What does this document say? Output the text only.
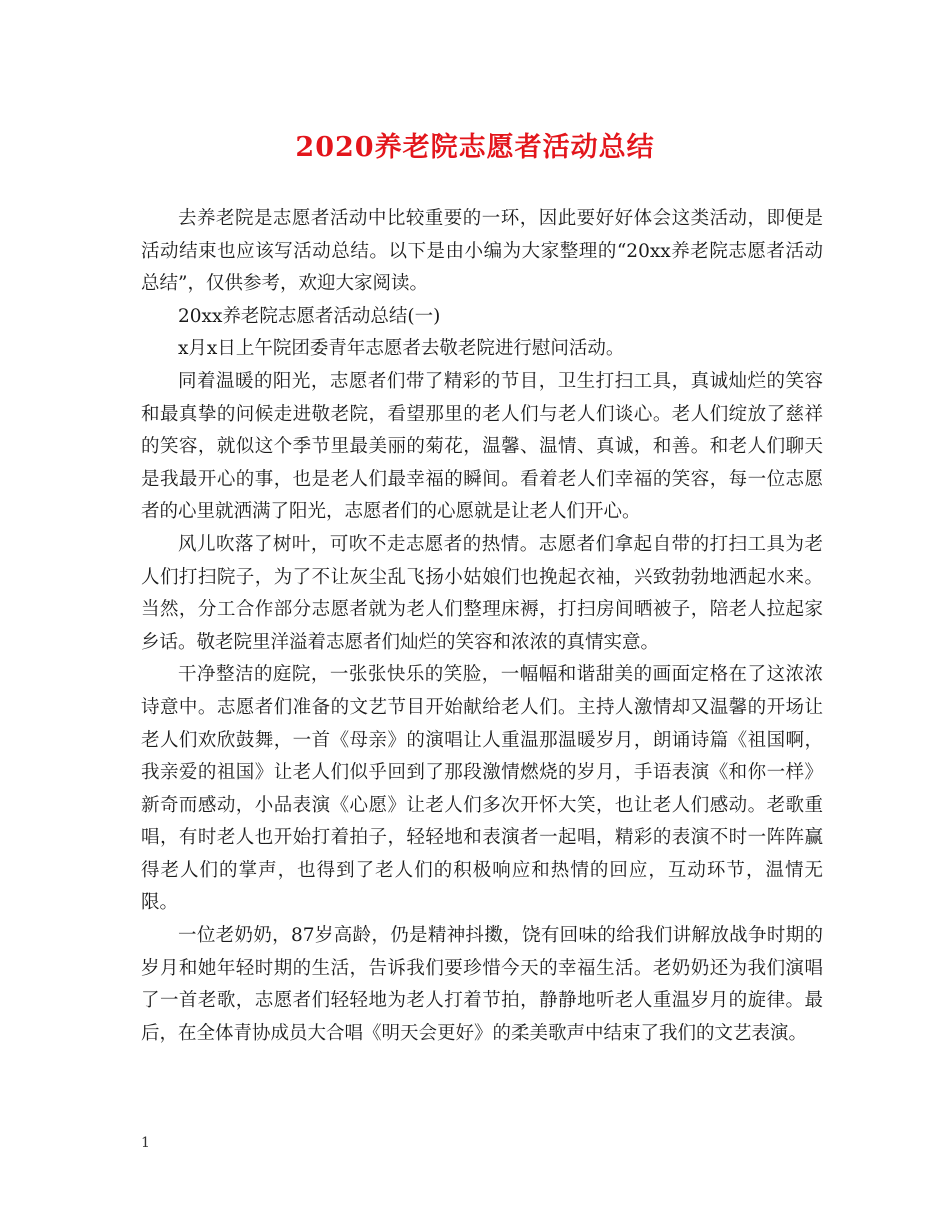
2020养老院志愿者活动总结

去养老院是志愿者活动中比较重要的一环，因此要好好体会这类活动，即便是活动结束也应该写活动总结。以下是由小编为大家整理的“20xx养老院志愿者活动总结”，仅供参考，欢迎大家阅读。

20xx养老院志愿者活动总结(一)

x月x日上午院团委青年志愿者去敬老院进行慰问活动。

同着温暖的阳光，志愿者们带了精彩的节目，卫生打扫工具，真诚灿烂的笑容和最真挚的问候走进敬老院，看望那里的老人们与老人们谈心。老人们绽放了慈祥的笑容，就似这个季节里最美丽的菊花，温馨、温情、真诚，和善。和老人们聊天是我最开心的事，也是老人们最幸福的瞬间。看着老人们幸福的笑容，每一位志愿者的心里就洒满了阳光，志愿者们的心愿就是让老人们开心。

风儿吹落了树叶，可吹不走志愿者的热情。志愿者们拿起自带的打扫工具为老人们打扫院子，为了不让灰尘乱飞扬小姑娘们也挽起衣袖，兴致勃勃地洒起水来。当然，分工合作部分志愿者就为老人们整理床褥，打扫房间晒被子，陪老人拉起家乡话。敬老院里洋溢着志愿者们灿烂的笑容和浓浓的真情实意。

干净整洁的庭院，一张张快乐的笑脸，一幅幅和谐甜美的画面定格在了这浓浓诗意中。志愿者们准备的文艺节目开始献给老人们。主持人激情却又温馨的开场让老人们欢欣鼓舞，一首《母亲》的演唱让人重温那温暖岁月，朗诵诗篇《祖国啊，我亲爱的祖国》让老人们似乎回到了那段激情燃烧的岁月，手语表演《和你一样》新奇而感动，小品表演《心愿》让老人们多次开怀大笑，也让老人们感动。老歌重唱，有时老人也开始打着拍子，轻轻地和表演者一起唱，精彩的表演不时一阵阵赢得老人们的掌声，也得到了老人们的积极响应和热情的回应，互动环节，温情无限。

一位老奶奶，87岁高龄，仍是精神抖擞，饶有回味的给我们讲解放战争时期的岁月和她年轻时期的生活，告诉我们要珍惜今天的幸福生活。老奶奶还为我们演唱了一首老歌，志愿者们轻轻地为老人打着节拍，静静地听老人重温岁月的旋律。最后，在全体青协成员大合唱《明天会更好》的柔美歌声中结束了我们的文艺表演。

1
